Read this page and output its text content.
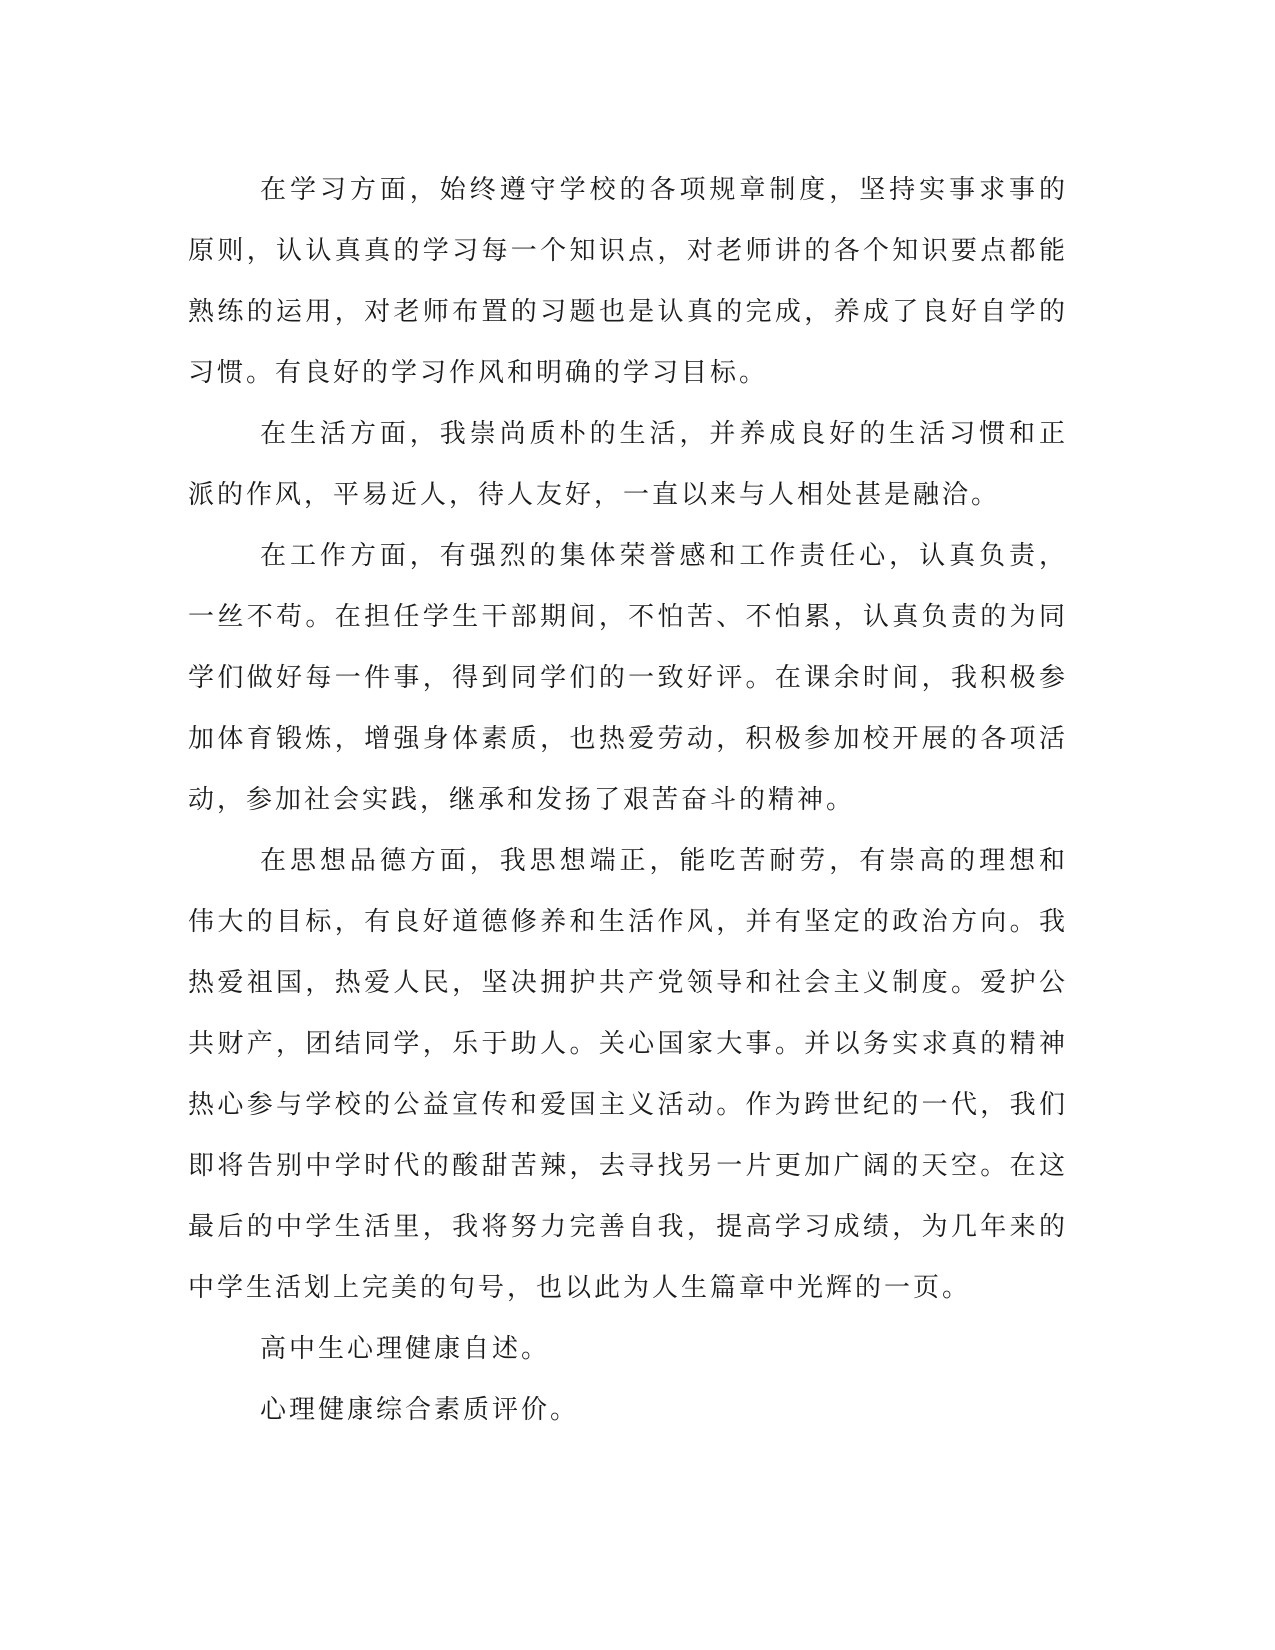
在学习方面，始终遵守学校的各项规章制度，坚持实事求事的原则，认认真真的学习每一个知识点，对老师讲的各个知识要点都能熟练的运用，对老师布置的习题也是认真的完成，养成了良好自学的习惯。有良好的学习作风和明确的学习目标。

在生活方面，我崇尚质朴的生活，并养成良好的生活习惯和正派的作风，平易近人，待人友好，一直以来与人相处甚是融洽。

在工作方面，有强烈的集体荣誉感和工作责任心，认真负责，一丝不苟。在担任学生干部期间，不怕苦、不怕累，认真负责的为同学们做好每一件事，得到同学们的一致好评。在课余时间，我积极参加体育锻炼，增强身体素质，也热爱劳动，积极参加校开展的各项活动，参加社会实践，继承和发扬了艰苦奋斗的精神。

在思想品德方面，我思想端正，能吃苦耐劳，有崇高的理想和伟大的目标，有良好道德修养和生活作风，并有坚定的政治方向。我热爱祖国，热爱人民，坚决拥护共产党领导和社会主义制度。爱护公共财产，团结同学，乐于助人。关心国家大事。并以务实求真的精神热心参与学校的公益宣传和爱国主义活动。作为跨世纪的一代，我们即将告别中学时代的酸甜苦辣，去寻找另一片更加广阔的天空。在这最后的中学生活里，我将努力完善自我，提高学习成绩，为几年来的中学生活划上完美的句号，也以此为人生篇章中光辉的一页。

高中生心理健康自述。

心理健康综合素质评价。
